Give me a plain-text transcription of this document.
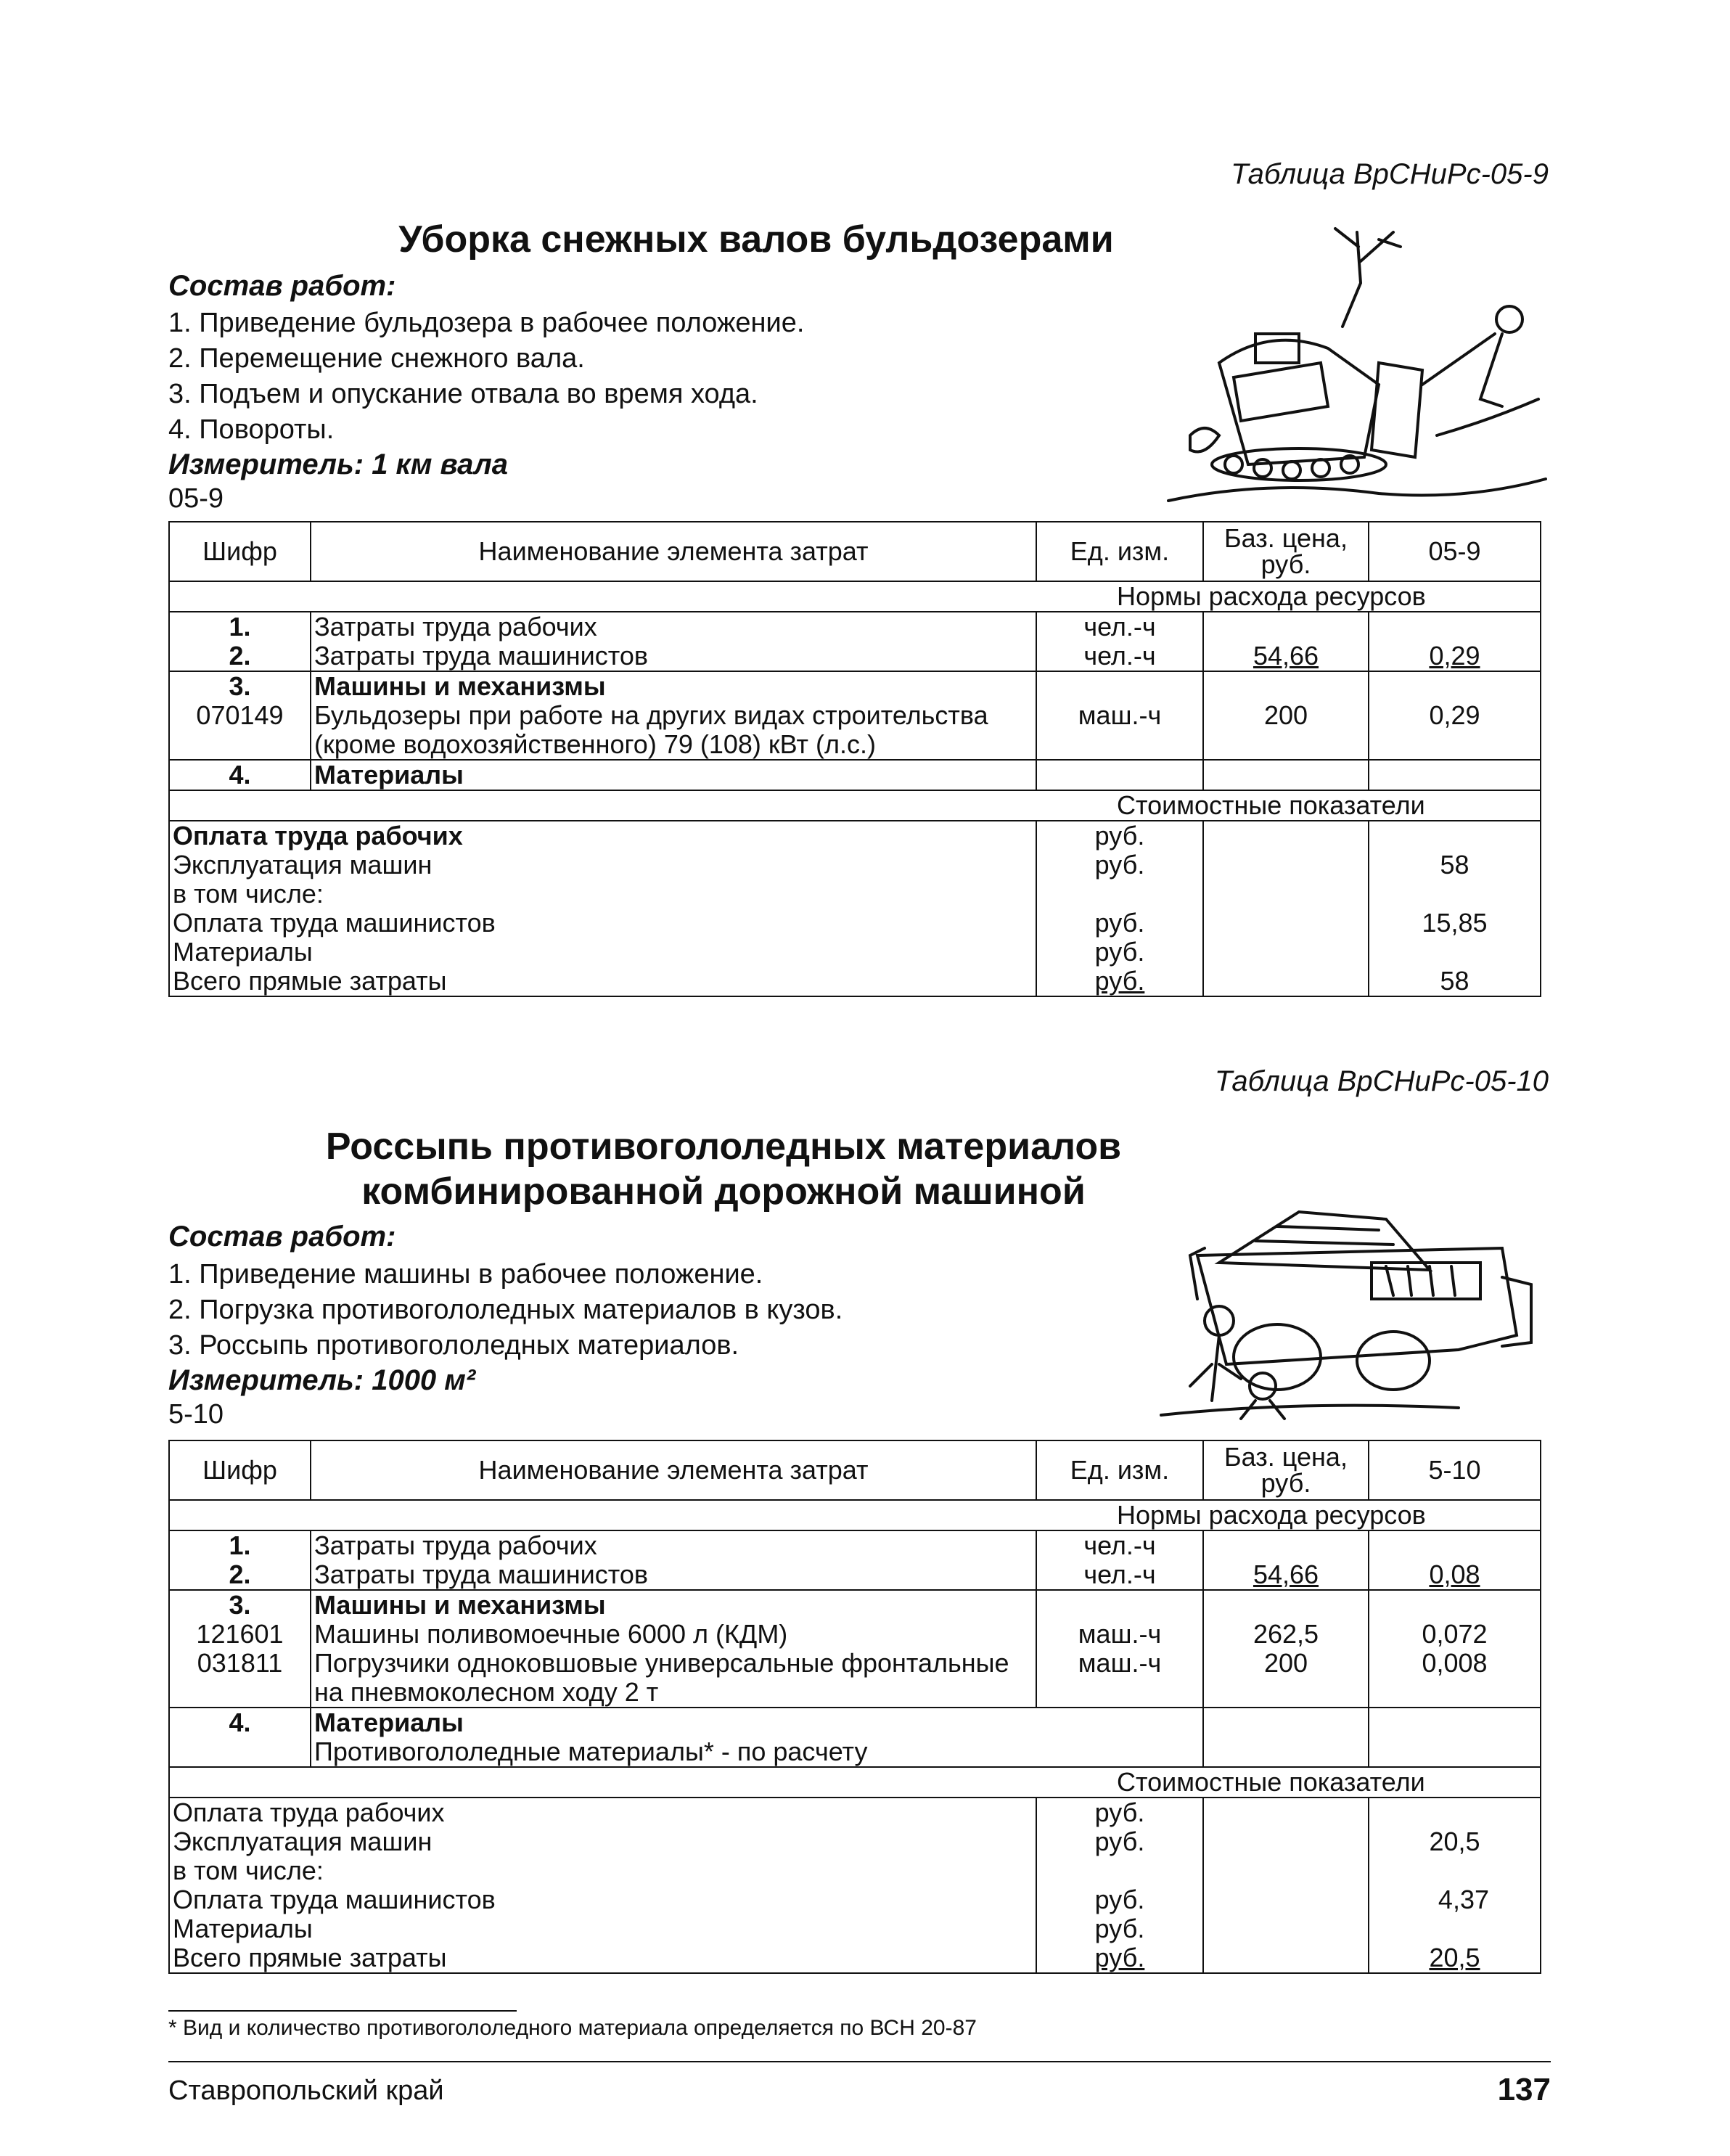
Таблица ВрСНиРс-05-9
Уборка снежных валов бульдозерами
Состав работ:
1. Приведение бульдозера в рабочее положение.
2. Перемещение снежного вала.
3. Подъем и опускание отвала во время хода.
4. Повороты.
Измеритель: 1 км вала
05-9
Шифр	Наименование элемента затрат	Ед. изм.	Баз. цена, руб.	05-9
Нормы расхода ресурсов				
1.	Затраты труда рабочих	чел.-ч		
2.	Затраты труда машинистов	чел.-ч	54,66	0,29
3.	Машины и механизмы			
070149	Бульдозеры при работе на других видах строительства (кроме водохозяйственного) 79 (108) кВт (л.с.)	маш.-ч	200	0,29
4.	Материалы			
Стоимостные показатели				
Оплата труда рабочих		руб.		
Эксплуатация машин		руб.		58
в том числе:				
Оплата труда машинистов		руб.		15,85
Материалы		руб.		
Всего прямые затраты		руб.		58
Таблица ВрСНиРс-05-10
Россыпь противогололедных материалов
комбинированной дорожной машиной
Состав работ:
1. Приведение машины в рабочее положение.
2. Погрузка противогололедных материалов в кузов.
3. Россыпь противогололедных материалов.
Измеритель: 1000 м²
5-10
Шифр	Наименование элемента затрат	Ед. изм.	Баз. цена, руб.	5-10
Нормы расхода ресурсов				
1.	Затраты труда рабочих	чел.-ч		
2.	Затраты труда машинистов	чел.-ч	54,66	0,08
3.	Машины и механизмы			
121601	Машины поливомоечные 6000 л (КДМ)	маш.-ч	262,5	0,072
031811	Погрузчики одноковшовые универсальные фронтальные на пневмоколесном ходу 2 т	маш.-ч	200	0,008
4.	Материалы			
	Противогололедные материалы* - по расчету			
Стоимостные показатели				
Оплата труда рабочих		руб.		
Эксплуатация машин		руб.		20,5
в том числе:				
Оплата труда машинистов		руб.		4,37
Материалы		руб.		
Всего прямые затраты		руб.		20,5
* Вид и количество противогололедного материала определяется по ВСН 20-87
Ставропольский край	137
